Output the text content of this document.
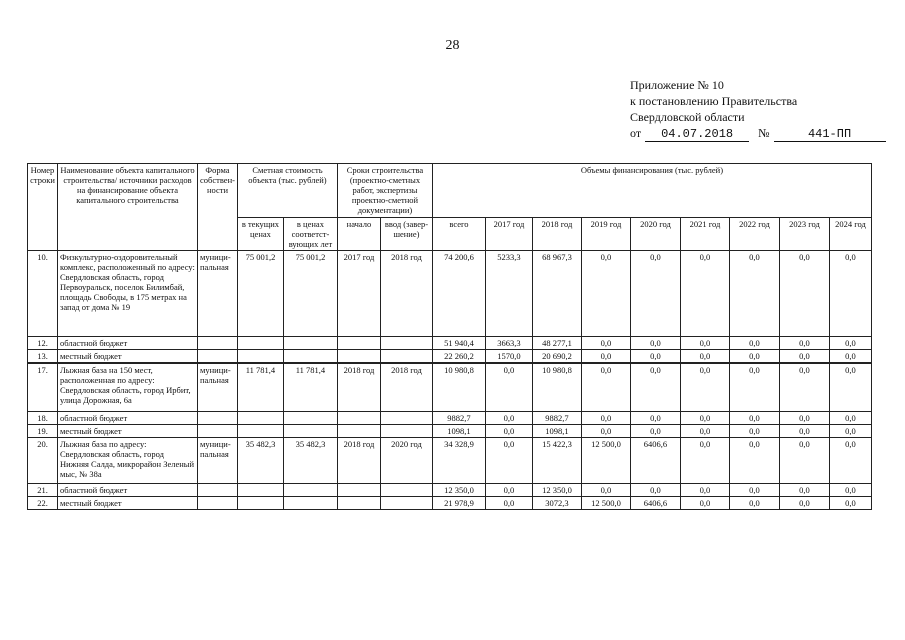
28
Приложение № 10
к постановлению Правительства
Свердловской области
от 04.07.2018 №	441-ПП
Номер строки	Наименование объекта капитального строительства/ источники расходов на финансирование объекта капитального строительства	Форма собствен-ности	Сметная стоимость объекта (тыс. рублей)		Сроки строительства (проектно-сметных работ, экспертизы проектно-сметной документации)		Объемы финансирования (тыс. рублей)								
			в текущих ценах	в ценах соответст-вующих лет	начало	ввод (завер-шение)	всего	2017 год	2018 год	2019 год	2020 год	2021 год	2022 год	2023 год	2024 год
10.	Физкультурно-оздоровительный комплекс, расположенный по адресу: Свердловская область, город Первоуральск, поселок Билимбай, площадь Свободы, в 175 метрах на запад от дома № 19	муници-пальная	75 001,2	75 001,2	2017 год	2018 год	74 200,6	5233,3	68 967,3	0,0	0,0	0,0	0,0	0,0	0,0
12.	областной бюджет						51 940,4	3663,3	48 277,1	0,0	0,0	0,0	0,0	0,0	0,0
13.	местный бюджет						22 260,2	1570,0	20 690,2	0,0	0,0	0,0	0,0	0,0	0,0
17.	Лыжная база на 150 мест, расположенная по адресу: Свердловская область, город Ирбит, улица Дорожная, 6а	муници-пальная	11 781,4	11 781,4	2018 год	2018 год	10 980,8	0,0	10 980,8	0,0	0,0	0,0	0,0	0,0	0,0
18.	областной бюджет						9882,7	0,0	9882,7	0,0	0,0	0,0	0,0	0,0	0,0
19.	местный бюджет						1098,1	0,0	1098,1	0,0	0,0	0,0	0,0	0,0	0,0
20.	Лыжная база по адресу: Свердловская область, город Нижняя Салда, микрорайон Зеленый мыс, № 38а	муници-пальная	35 482,3	35 482,3	2018 год	2020 год	34 328,9	0,0	15 422,3	12 500,0	6406,6	0,0	0,0	0,0	0,0
21.	областной бюджет						12 350,0	0,0	12 350,0	0,0	0,0	0,0	0,0	0,0	0,0
22.	местный бюджет						21 978,9	0,0	3072,3	12 500,0	6406,6	0,0	0,0	0,0	0,0
